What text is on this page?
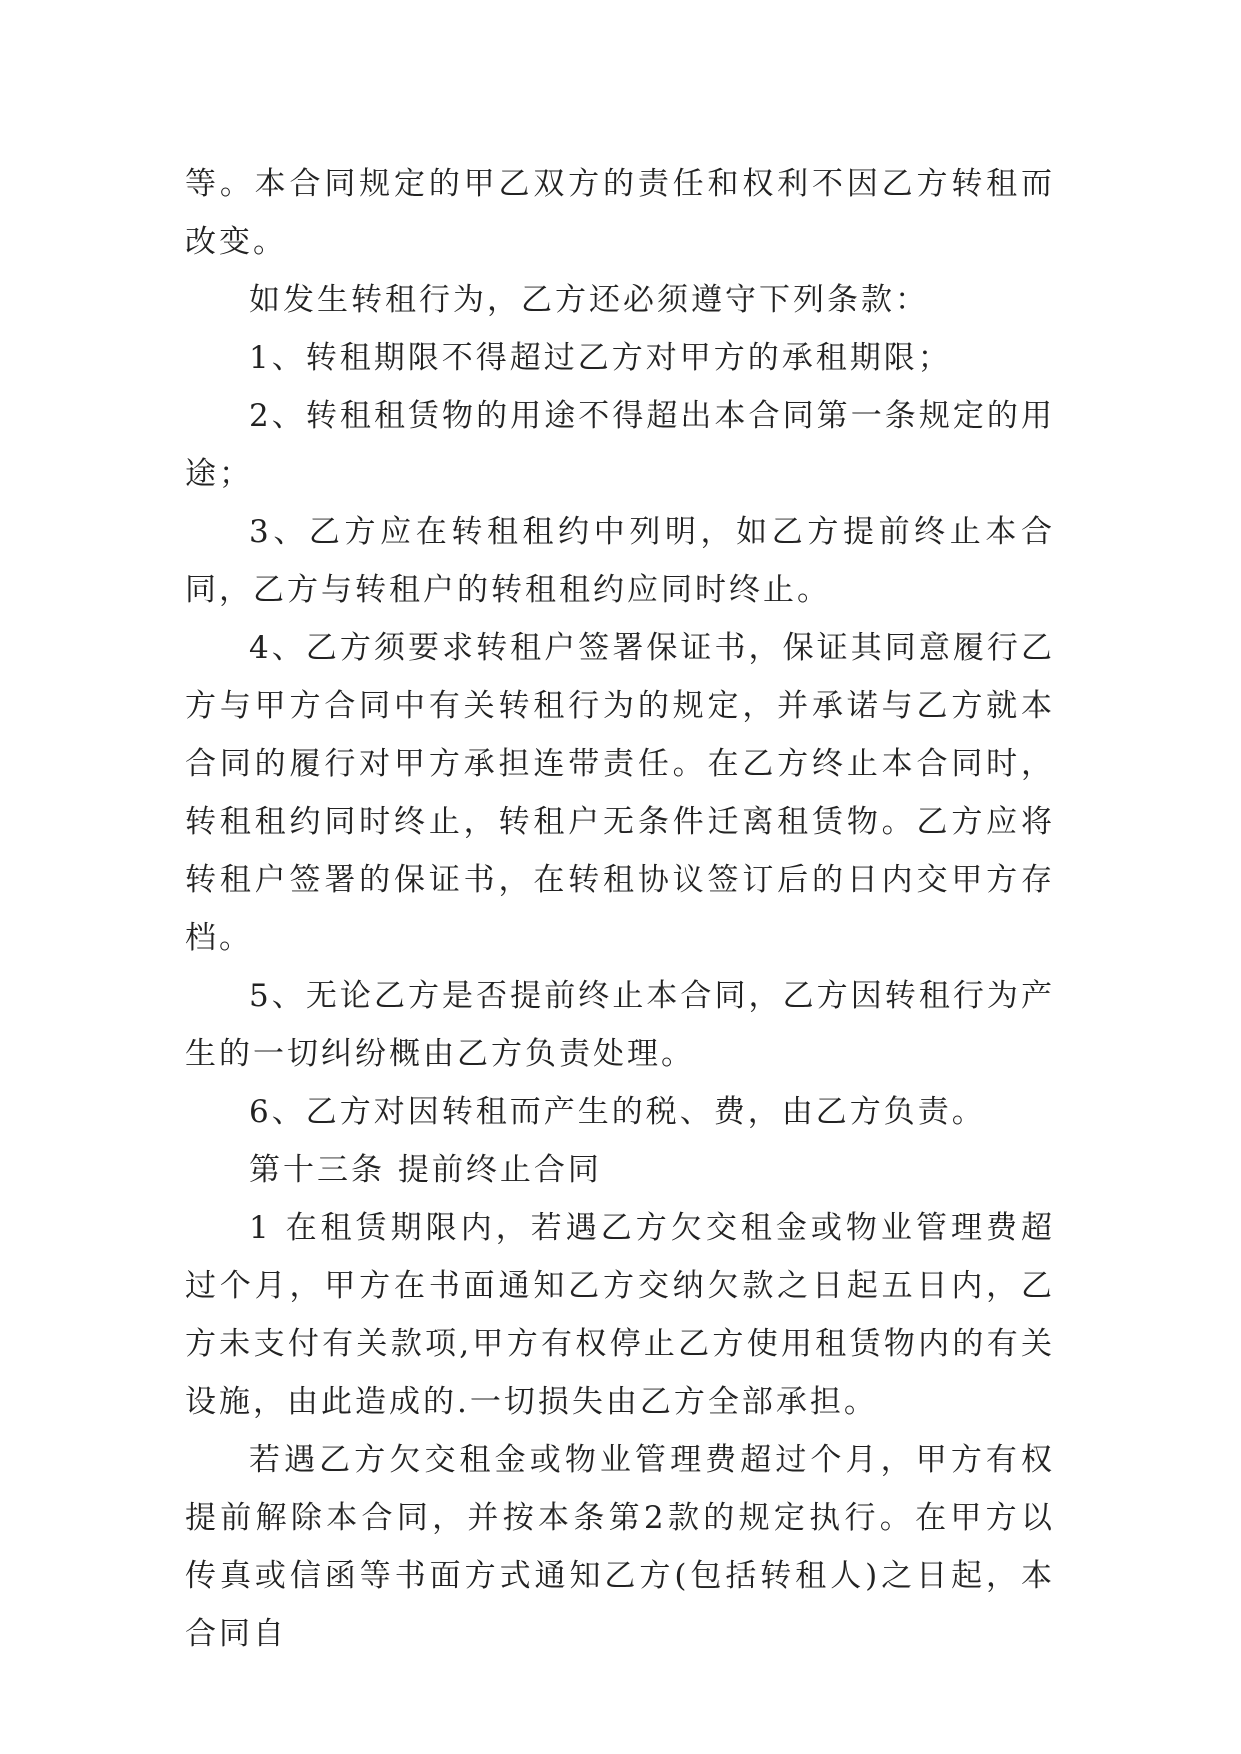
等。本合同规定的甲乙双方的责任和权利不因乙方转租而改变。

如发生转租行为，乙方还必须遵守下列条款：

1、转租期限不得超过乙方对甲方的承租期限；

2、转租租赁物的用途不得超出本合同第一条规定的用途；

3、乙方应在转租租约中列明，如乙方提前终止本合同，乙方与转租户的转租租约应同时终止。

4、乙方须要求转租户签署保证书，保证其同意履行乙方与甲方合同中有关转租行为的规定，并承诺与乙方就本合同的履行对甲方承担连带责任。在乙方终止本合同时，转租租约同时终止，转租户无条件迁离租赁物。乙方应将转租户签署的保证书，在转租协议签订后的日内交甲方存档。

5、无论乙方是否提前终止本合同，乙方因转租行为产生的一切纠纷概由乙方负责处理。

6、乙方对因转租而产生的税、费，由乙方负责。

第十三条 提前终止合同

1 在租赁期限内，若遇乙方欠交租金或物业管理费超过个月，甲方在书面通知乙方交纳欠款之日起五日内，乙方未支付有关款项,甲方有权停止乙方使用租赁物内的有关设施，由此造成的.一切损失由乙方全部承担。

若遇乙方欠交租金或物业管理费超过个月，甲方有权提前解除本合同，并按本条第2款的规定执行。在甲方以传真或信函等书面方式通知乙方(包括转租人)之日起，本合同自
